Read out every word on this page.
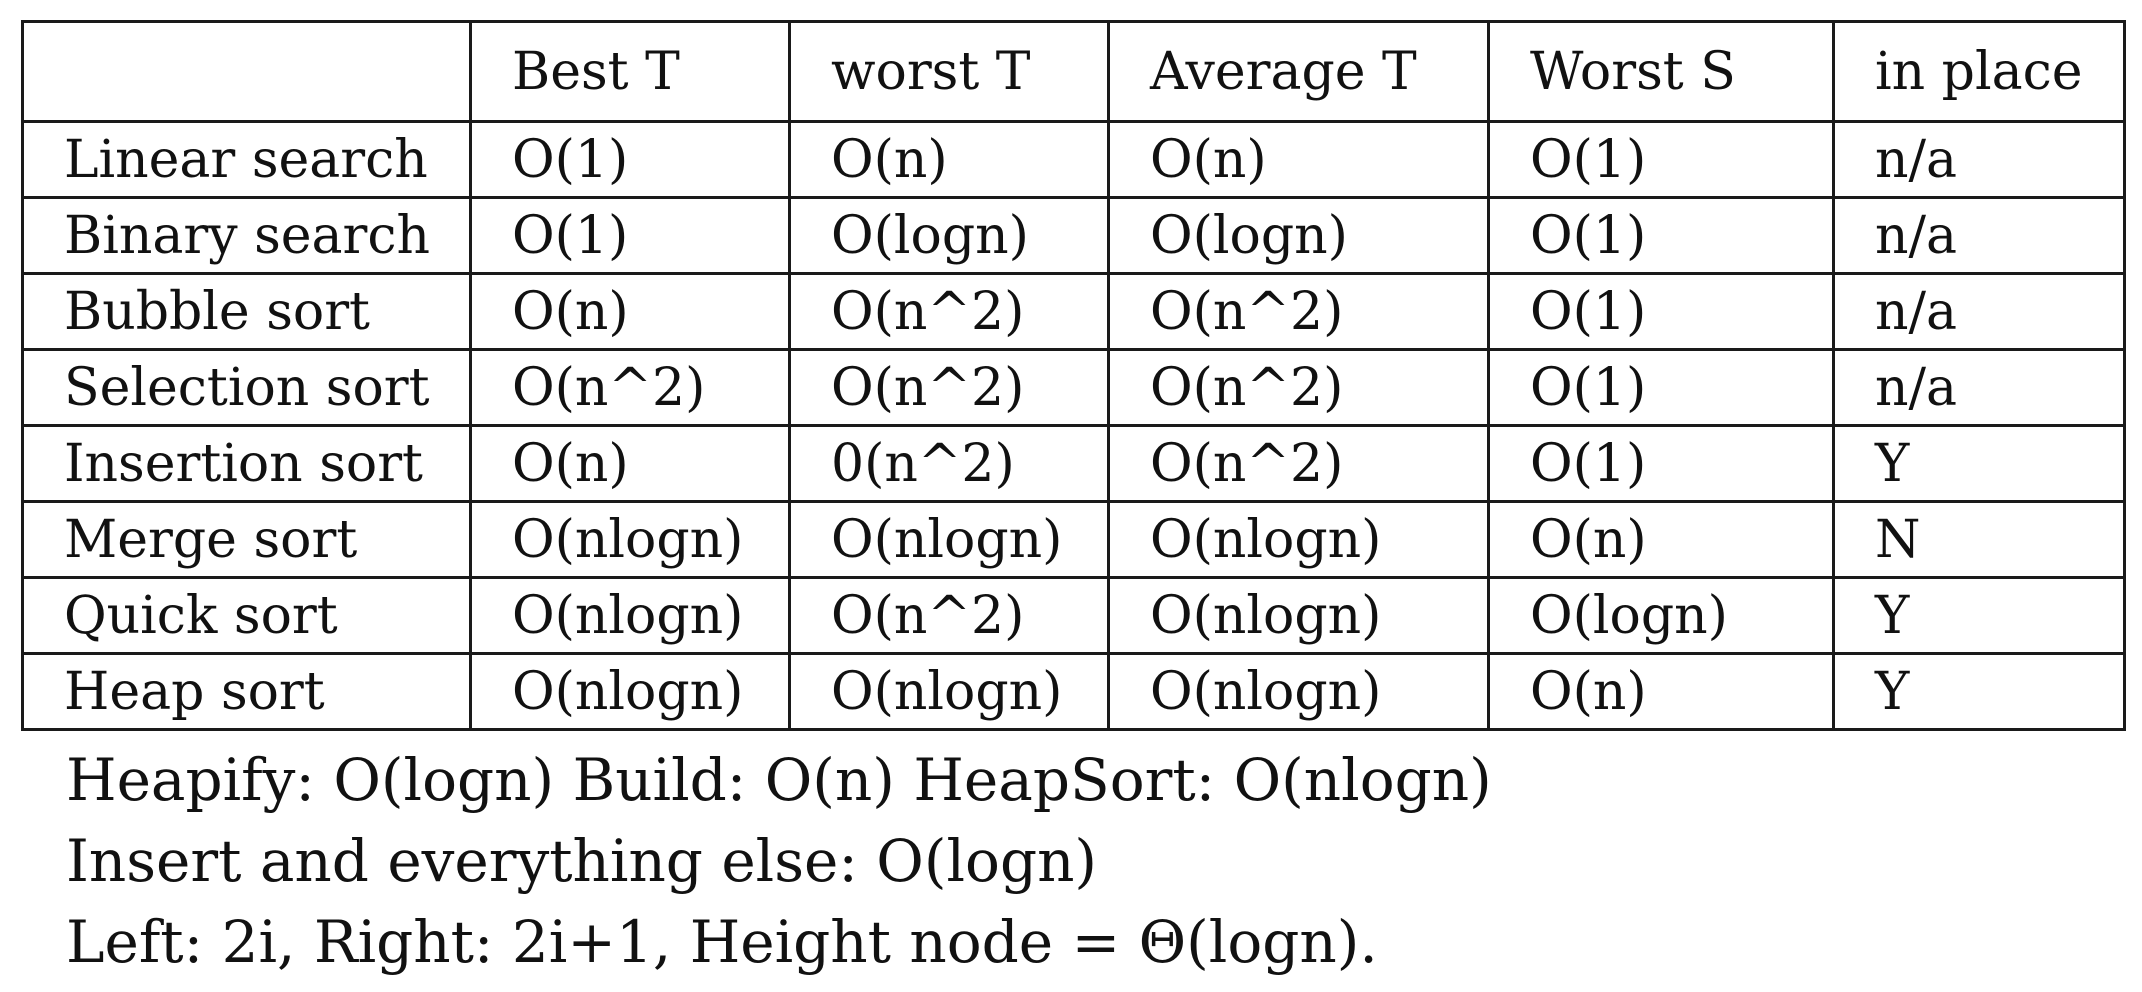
	Best T	worst T	Average T	Worst S	in place
Linear search	O(1)	O(n)	O(n)	O(1)	n/a
Binary search	O(1)	O(logn)	O(logn)	O(1)	n/a
Bubble sort	O(n)	O(n^2)	O(n^2)	O(1)	n/a
Selection sort	O(n^2)	O(n^2)	O(n^2)	O(1)	n/a
Insertion sort	O(n)	0(n^2)	O(n^2)	O(1)	Y
Merge sort	O(nlogn)	O(nlogn)	O(nlogn)	O(n)	N
Quick sort	O(nlogn)	O(n^2)	O(nlogn)	O(logn)	Y
Heap sort	O(nlogn)	O(nlogn)	O(nlogn)	O(n)	Y
Heapify: O(logn) Build: O(n) HeapSort: O(nlogn)
Insert and everything else: O(logn)
Left: 2i, Right: 2i+1, Height node = Θ(logn).
